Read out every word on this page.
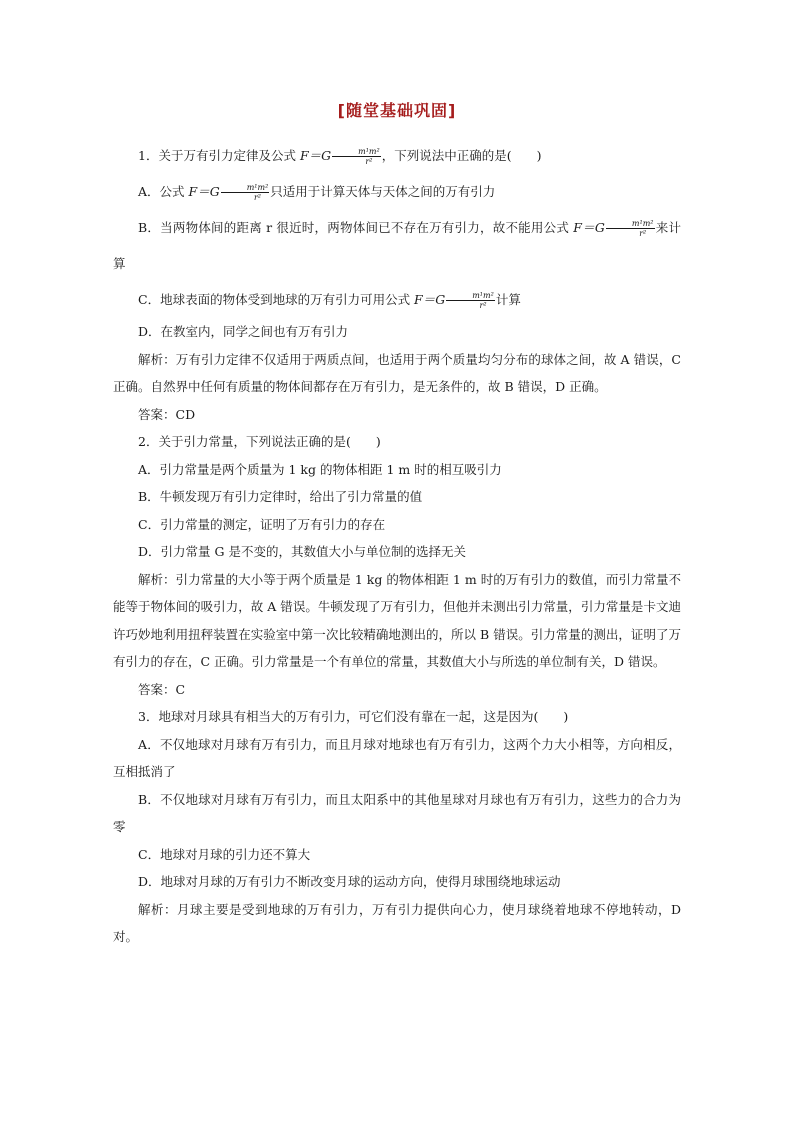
[随堂基础巩固]

1．关于万有引力定律及公式 $F=G \frac{\text{m¹m²}}{\text{r²}}$ ，下列说法中正确的是(　　)

A．公式 $F=G \frac{\text{m¹m²}}{\text{r²}}$ 只适用于计算天体与天体之间的万有引力

B．当两物体间的距离 r 很近时，两物体间已不存在万有引力，故不能用公式 $F=G \frac{\text{m¹m²}}{\text{r²}}$ 来计算

C．地球表面的物体受到地球的万有引力可用公式 $F=G \frac{\text{m¹m²}}{\text{r²}}$ 计算

D．在教室内，同学之间也有万有引力

解析：万有引力定律不仅适用于两质点间，也适用于两个质量均匀分布的球体之间，故 A 错误，C 正确。自然界中任何有质量的物体间都存在万有引力，是无条件的，故 B 错误，D 正确。

答案：CD

2．关于引力常量，下列说法正确的是(　　)

A．引力常量是两个质量为 1 kg 的物体相距 1 m 时的相互吸引力

B．牛顿发现万有引力定律时，给出了引力常量的值

C．引力常量的测定，证明了万有引力的存在

D．引力常量 G 是不变的，其数值大小与单位制的选择无关

解析：引力常量的大小等于两个质量是 1 kg 的物体相距 1 m 时的万有引力的数值，而引力常量不能等于物体间的吸引力，故 A 错误。牛顿发现了万有引力，但他并未测出引力常量，引力常量是卡文迪许巧妙地利用扭秤装置在实验室中第一次比较精确地测出的，所以 B 错误。引力常量的测出，证明了万有引力的存在，C 正确。引力常量是一个有单位的常量，其数值大小与所选的单位制有关，D 错误。

答案：C

3．地球对月球具有相当大的万有引力，可它们没有靠在一起，这是因为(　　)

A．不仅地球对月球有万有引力，而且月球对地球也有万有引力，这两个力大小相等，方向相反，互相抵消了

B．不仅地球对月球有万有引力，而且太阳系中的其他星球对月球也有万有引力，这些力的合力为零

C．地球对月球的引力还不算大

D．地球对月球的万有引力不断改变月球的运动方向，使得月球围绕地球运动

解析：月球主要是受到地球的万有引力，万有引力提供向心力，使月球绕着地球不停地转动，D 对。
